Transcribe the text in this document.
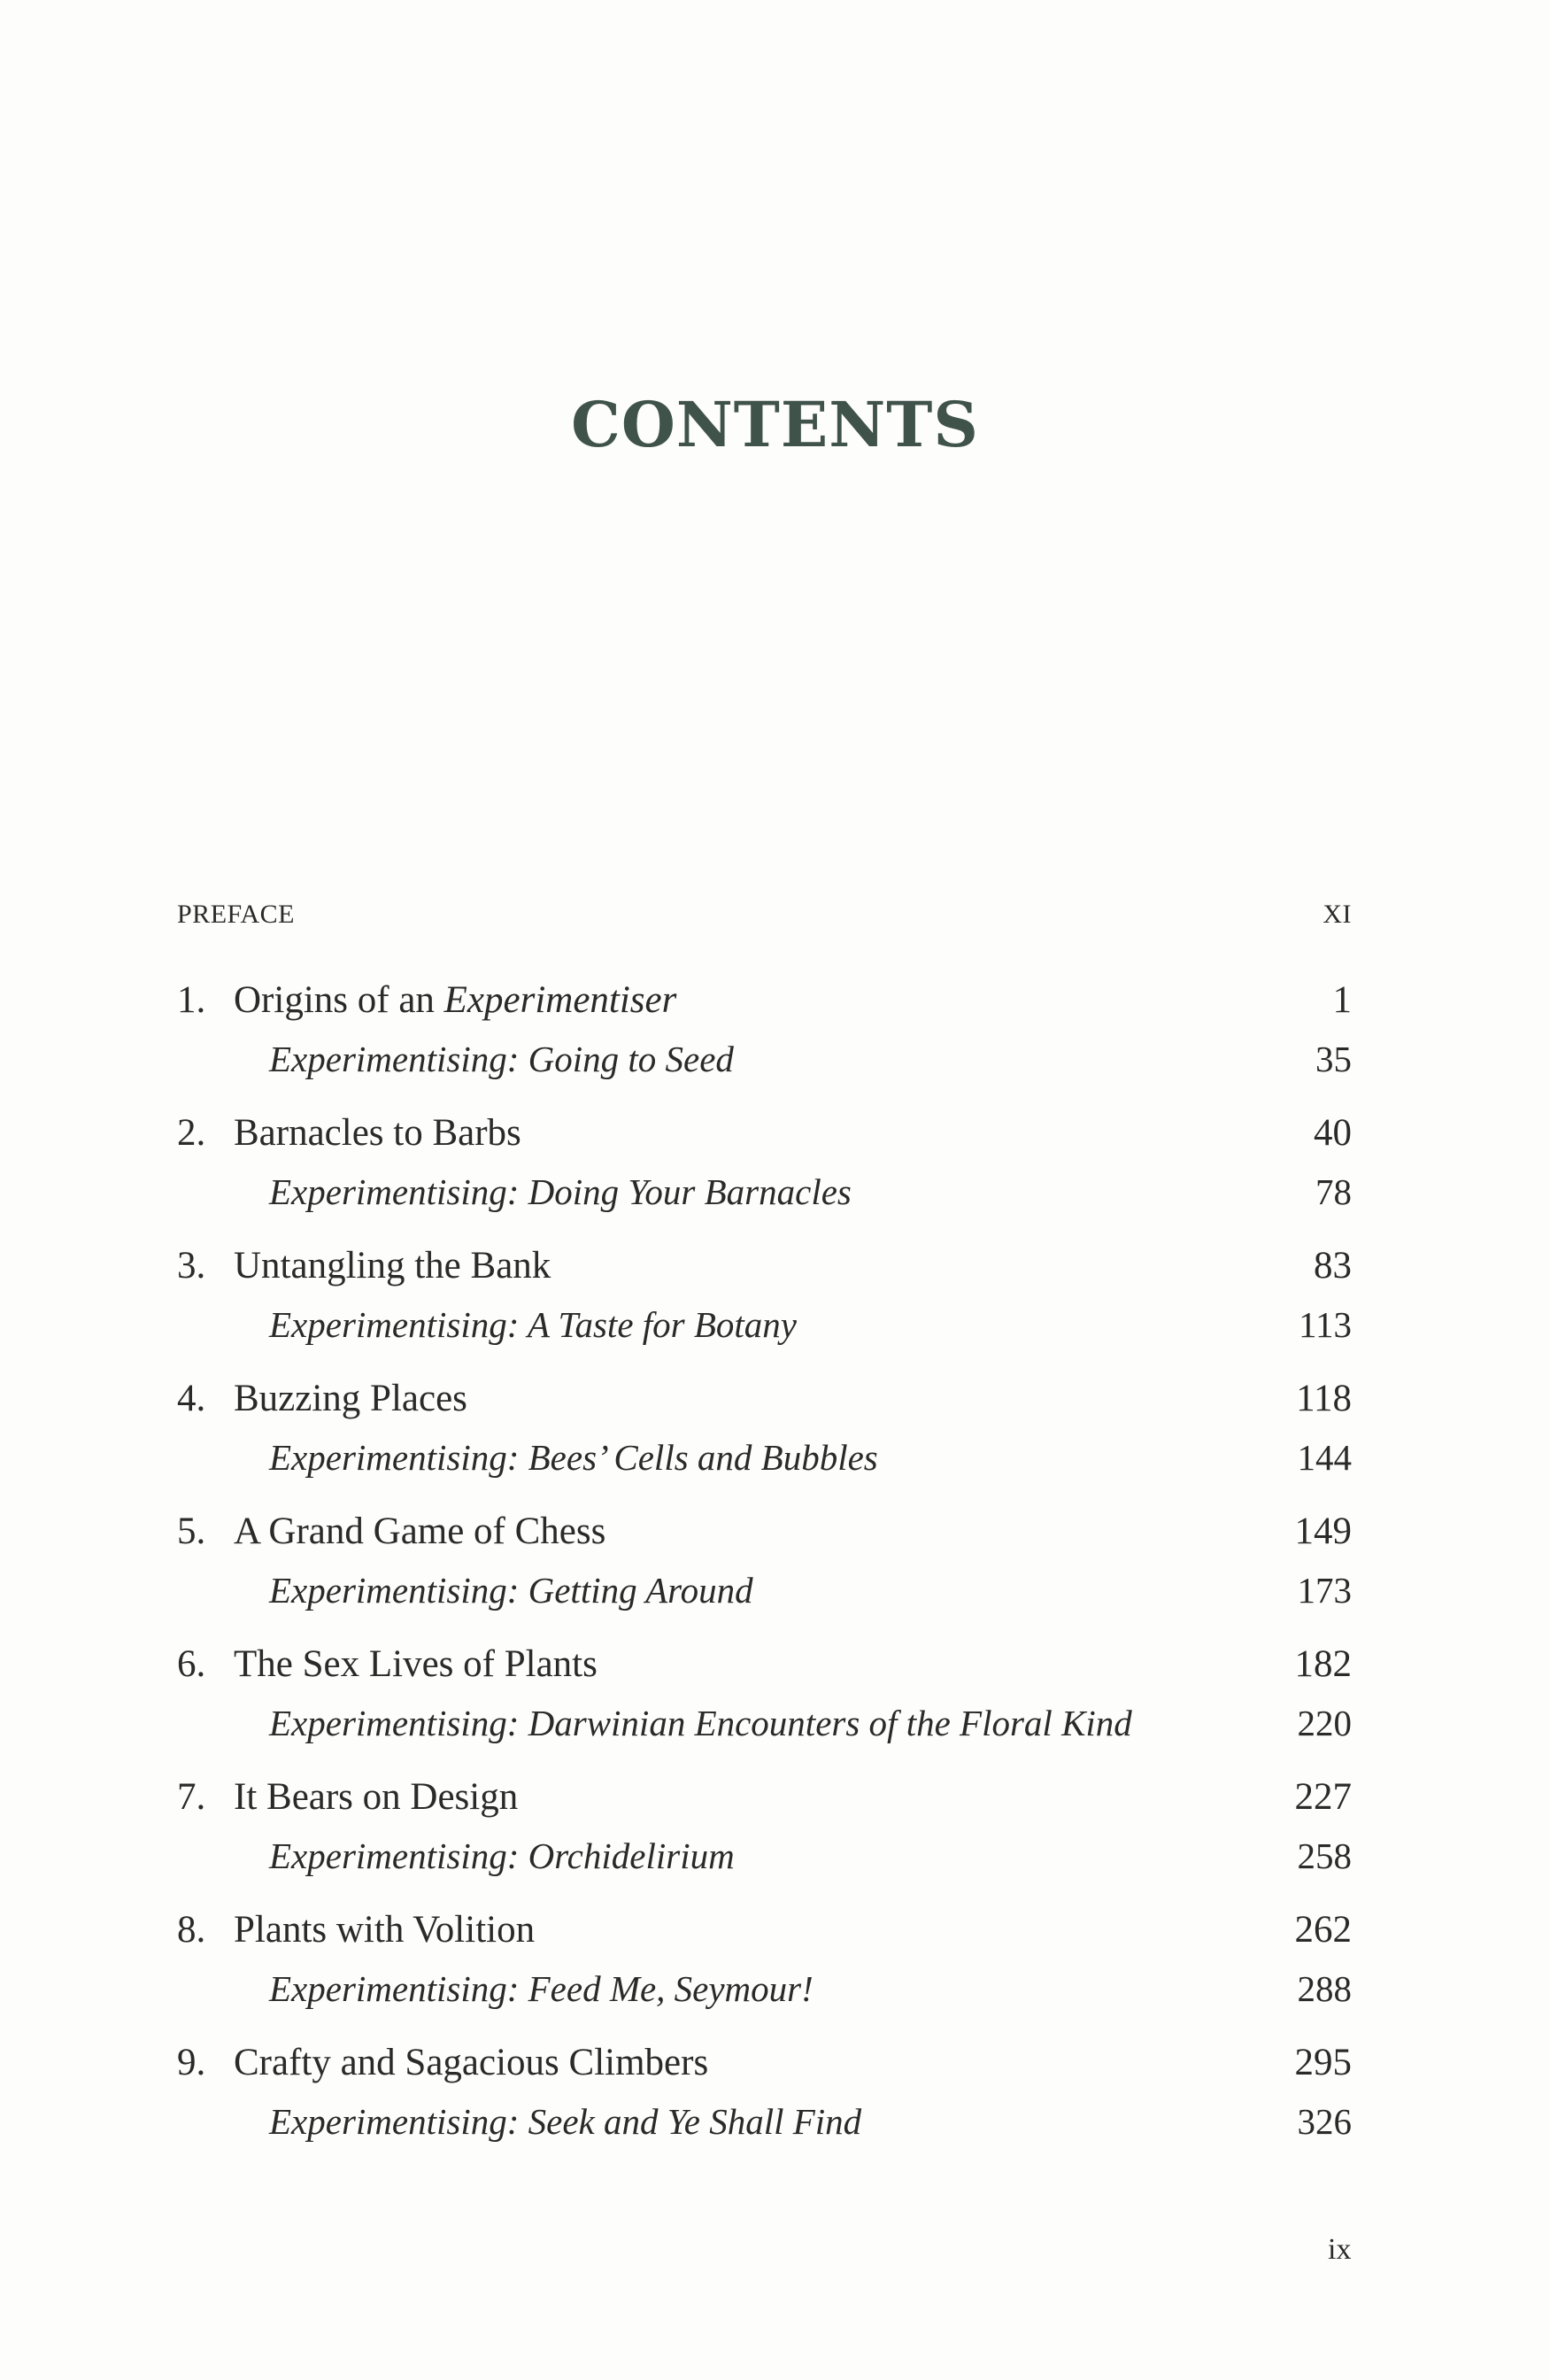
CONTENTS
PREFACE	XI
1. Origins of an Experimentiser	1
Experimentising: Going to Seed	35
2. Barnacles to Barbs	40
Experimentising: Doing Your Barnacles	78
3. Untangling the Bank	83
Experimentising: A Taste for Botany	113
4. Buzzing Places	118
Experimentising: Bees’ Cells and Bubbles	144
5. A Grand Game of Chess	149
Experimentising: Getting Around	173
6. The Sex Lives of Plants	182
Experimentising: Darwinian Encounters of the Floral Kind	220
7. It Bears on Design	227
Experimentising: Orchidelirium	258
8. Plants with Volition	262
Experimentising: Feed Me, Seymour!	288
9. Crafty and Sagacious Climbers	295
Experimentising: Seek and Ye Shall Find	326
ix
